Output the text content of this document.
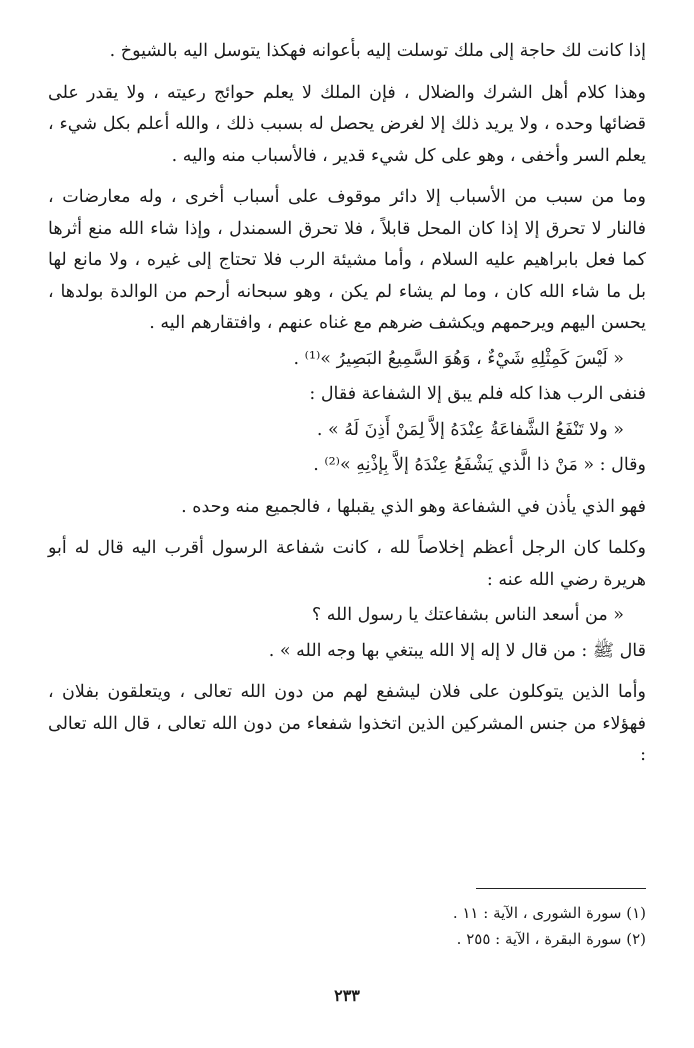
إذا كانت لك حاجة إلى ملك توسلت إليه بأعوانه فهكذا يتوسل اليه بالشيوخ .

وهذا كلام أهل الشرك والضلال ، فإن الملك لا يعلم حوائج رعيته ، ولا يقدر على قضائها وحده ، ولا يريد ذلك إلا لغرض يحصل له بسبب ذلك ، والله أعلم بكل شيء ، يعلم السر وأخفى ، وهو على كل شيء قدير ، فالأسباب منه واليه .

وما من سبب من الأسباب إلا دائر موقوف على أسباب أخرى ، وله معارضات ، فالنار لا تحرق إلا إذا كان المحل قابلاً ، فلا تحرق السمندل ، وإذا شاء الله منع أثرها كما فعل بابراهيم عليه السلام ، وأما مشيئة الرب فلا تحتاج إلى غيره ، ولا مانع لها بل ما شاء الله كان ، وما لم يشاء لم يكن ، وهو سبحانه أرحم من الوالدة بولدها ، يحسن اليهم ويرحمهم ويكشف ضرهم مع غناه عنهم ، وافتقارهم اليه .

« لَيْسَ كَمِثْلِهِ شَيْءٌ ، وَهُوَ السَّمِيعُ البَصِيرُ »⁽¹⁾ .

فنفى الرب هذا كله فلم يبق إلا الشفاعة فقال :

« ولا تَنْفَعُ الشَّفاعَةُ عِنْدَهُ إلاَّ لِمَنْ أَذِنَ لَهُ » .

وقال : « مَنْ ذا الَّذي يَشْفَعُ عِنْدَهُ إلاَّ بِإذْنِهِ »⁽²⁾ .

فهو الذي يأذن في الشفاعة وهو الذي يقبلها ، فالجميع منه وحده .

وكلما كان الرجل أعظم إخلاصاً لله ، كانت شفاعة الرسول أقرب اليه قال له أبو هريرة رضي الله عنه :

« من أسعد الناس بشفاعتك يا رسول الله ؟

قال ﷺ : من قال لا إله إلا الله يبتغي بها وجه الله » .

وأما الذين يتوكلون على فلان ليشفع لهم من دون الله تعالى ، ويتعلقون بفلان ، فهؤلاء من جنس المشركين الذين اتخذوا شفعاء من دون الله تعالى ، قال الله تعالى :

(١) سورة الشورى ، الآية : ١١ .

(٢) سورة البقرة ، الآية : ٢٥٥ .

٢٣٣
